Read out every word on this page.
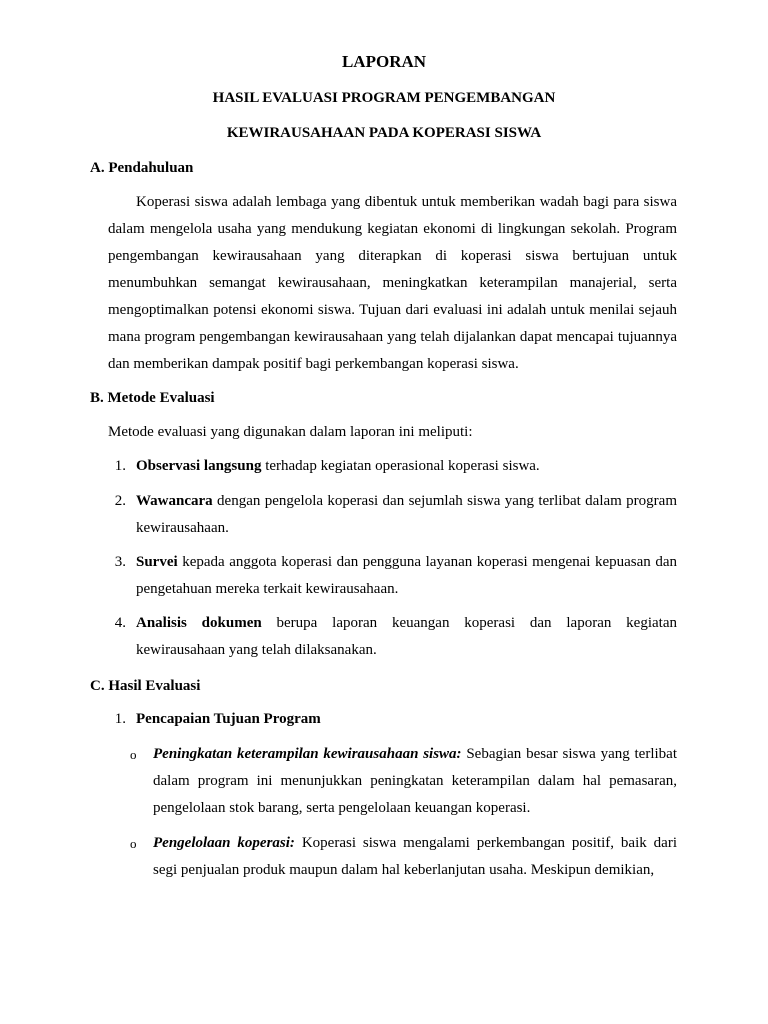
LAPORAN
HASIL EVALUASI PROGRAM PENGEMBANGAN
KEWIRAUSAHAAN PADA KOPERASI SISWA
A. Pendahuluan
Koperasi siswa adalah lembaga yang dibentuk untuk memberikan wadah bagi para siswa dalam mengelola usaha yang mendukung kegiatan ekonomi di lingkungan sekolah. Program pengembangan kewirausahaan yang diterapkan di koperasi siswa bertujuan untuk menumbuhkan semangat kewirausahaan, meningkatkan keterampilan manajerial, serta mengoptimalkan potensi ekonomi siswa. Tujuan dari evaluasi ini adalah untuk menilai sejauh mana program pengembangan kewirausahaan yang telah dijalankan dapat mencapai tujuannya dan memberikan dampak positif bagi perkembangan koperasi siswa.
B. Metode Evaluasi
Metode evaluasi yang digunakan dalam laporan ini meliputi:
1. Observasi langsung terhadap kegiatan operasional koperasi siswa.
2. Wawancara dengan pengelola koperasi dan sejumlah siswa yang terlibat dalam program kewirausahaan.
3. Survei kepada anggota koperasi dan pengguna layanan koperasi mengenai kepuasan dan pengetahuan mereka terkait kewirausahaan.
4. Analisis dokumen berupa laporan keuangan koperasi dan laporan kegiatan kewirausahaan yang telah dilaksanakan.
C. Hasil Evaluasi
1. Pencapaian Tujuan Program
o Peningkatan keterampilan kewirausahaan siswa: Sebagian besar siswa yang terlibat dalam program ini menunjukkan peningkatan keterampilan dalam hal pemasaran, pengelolaan stok barang, serta pengelolaan keuangan koperasi.
o Pengelolaan koperasi: Koperasi siswa mengalami perkembangan positif, baik dari segi penjualan produk maupun dalam hal keberlanjutan usaha. Meskipun demikian,
